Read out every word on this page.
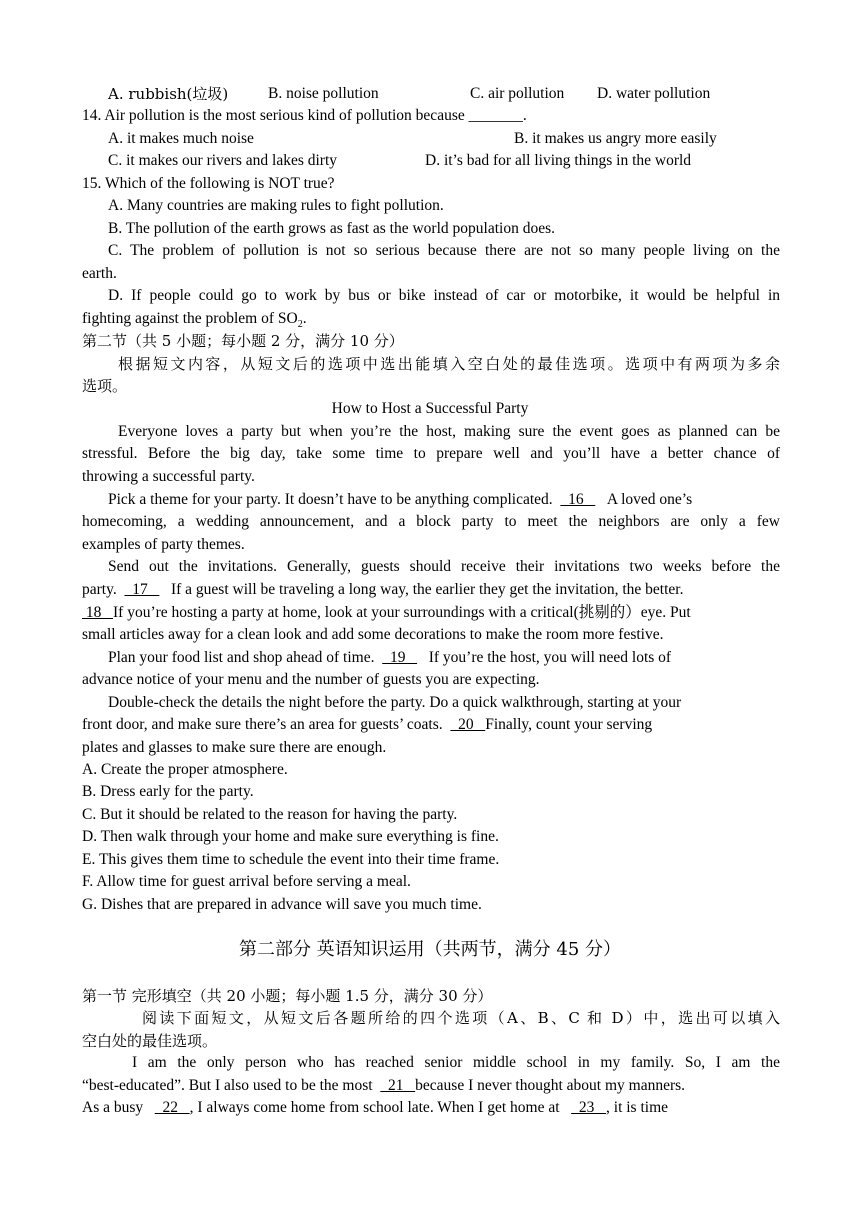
A. rubbish(垃圾)	B. noise pollution	C. air pollution D. water pollution
14. Air pollution is the most serious kind of pollution because _______.
A. it makes much noise	B. it makes us angry more easily
C. it makes our rivers and lakes dirty	D. it’s bad for all living things in the world
15. Which of the following is NOT true?
A. Many countries are making rules to fight pollution.
B. The pollution of the earth grows as fast as the world population does.
C. The problem of pollution is not so serious because there are not so many people living on the
earth.
D. If people could go to work by bus or bike instead of car or motorbike, it would be helpful in
fighting against the problem of $SO_2$.
第二节（共 5 小题；每小题 2 分，满分 10 分）
根据短文内容，从短文后的选项中选出能填入空白处的最佳选项。选项中有两项为多余
选项。
How to Host a Successful Party
Everyone loves a party but when you’re the host, making sure the event goes as planned can be
stressful. Before the big day, take some time to prepare well and you’ll have a better chance of
throwing a successful party.
Pick a theme for your party. It doesn’t have to be anything complicated.    16      A loved one’s
homecoming, a wedding announcement, and a block party to meet the neighbors are only a few
examples of party themes.
Send out the invitations. Generally, guests should receive their invitations two weeks before the
party.    17      If a guest will be traveling a long way, the earlier they get the invitation, the better.
18   If you’re hosting a party at home, look at your surroundings with a critical(挑剔的）eye. Put
small articles away for a clean look and add some decorations to make the room more festive.
Plan your food list and shop ahead of time.    19      If you’re the host, you will need lots of
advance notice of your menu and the number of guests you are expecting.
Double-check the details the night before the party. Do a quick walkthrough, starting at your
front door, and make sure there’s an area for guests’ coats.    20   Finally, count your serving
plates and glasses to make sure there are enough.
A. Create the proper atmosphere.
B. Dress early for the party.
C. But it should be related to the reason for having the party.
D. Then walk through your home and make sure everything is fine.
E. This gives them time to schedule the event into their time frame.
F. Allow time for guest arrival before serving a meal.
G. Dishes that are prepared in advance will save you much time.
第二部分 英语知识运用（共两节，满分 45 分）
第一节 完形填空（共 20 小题；每小题 1.5 分，满分 30 分）
阅读下面短文，从短文后各题所给的四个选项（A、B、C 和 D）中，选出可以填入
空白处的最佳选项。
I am the only person who has reached senior middle school in my family. So, I am the
“best-educated”. But I also used to be the most    21   because I never thought about my manners.
As a busy     22   , I always come home from school late. When I get home at     23   , it is time
